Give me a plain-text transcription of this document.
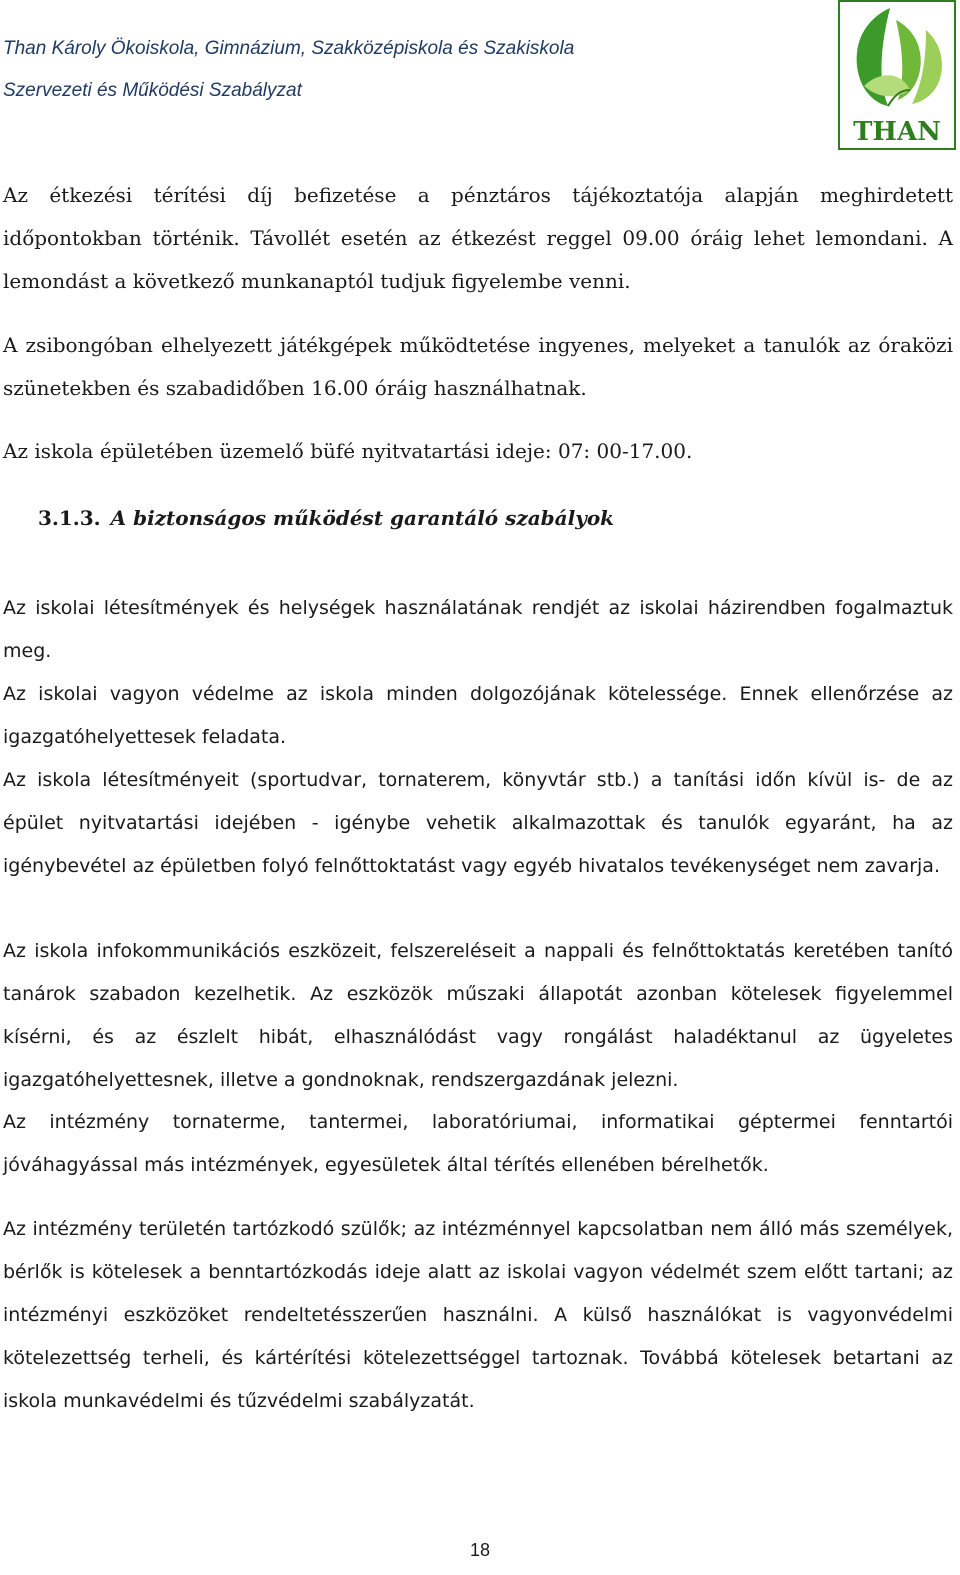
Than Károly Ökoiskola, Gimnázium, Szakközépiskola és Szakiskola
Szervezeti és Működési Szabályzat
THAN

Az étkezési térítési díj befizetése a pénztáros tájékoztatója alapján meghirdetett időpontokban történik. Távollét esetén az étkezést reggel 09.00 óráig lehet lemondani. A lemondást a következő munkanaptól tudjuk figyelembe venni.

A zsibongóban elhelyezett játékgépek működtetése ingyenes, melyeket a tanulók az óraközi szünetekben és szabadidőben 16.00 óráig használhatnak.

Az iskola épületében üzemelő büfé nyitvatartási ideje: 07: 00-17.00.

3.1.3. A biztonságos működést garantáló szabályok

Az iskolai létesítmények és helységek használatának rendjét az iskolai házirendben fogalmaztuk meg.

Az iskolai vagyon védelme az iskola minden dolgozójának kötelessége. Ennek ellenőrzése az igazgatóhelyettesek feladata.

Az iskola létesítményeit (sportudvar, tornaterem, könyvtár stb.) a tanítási időn kívül is- de az épület nyitvatartási idejében - igénybe vehetik alkalmazottak és tanulók egyaránt, ha az igénybevétel az épületben folyó felnőttoktatást vagy egyéb hivatalos tevékenységet nem zavarja.

Az iskola infokommunikációs eszközeit, felszereléseit a nappali és felnőttoktatás keretében tanító tanárok szabadon kezelhetik. Az eszközök műszaki állapotát azonban kötelesek figyelemmel kísérni, és az észlelt hibát, elhasználódást vagy rongálást haladéktanul az ügyeletes igazgatóhelyettesnek, illetve a gondnoknak, rendszergazdának jelezni.

Az intézmény tornaterme, tantermei, laboratóriumai, informatikai géptermei fenntartói jóváhagyással más intézmények, egyesületek által térítés ellenében bérelhetők.

Az intézmény területén tartózkodó szülők; az intézménnyel kapcsolatban nem álló más személyek, bérlők is kötelesek a benntartózkodás ideje alatt az iskolai vagyon védelmét szem előtt tartani; az intézményi eszközöket rendeltetésszerűen használni. A külső használókat is vagyonvédelmi kötelezettség terheli, és kártérítési kötelezettséggel tartoznak. Továbbá kötelesek betartani az iskola munkavédelmi és tűzvédelmi szabályzatát.

18
